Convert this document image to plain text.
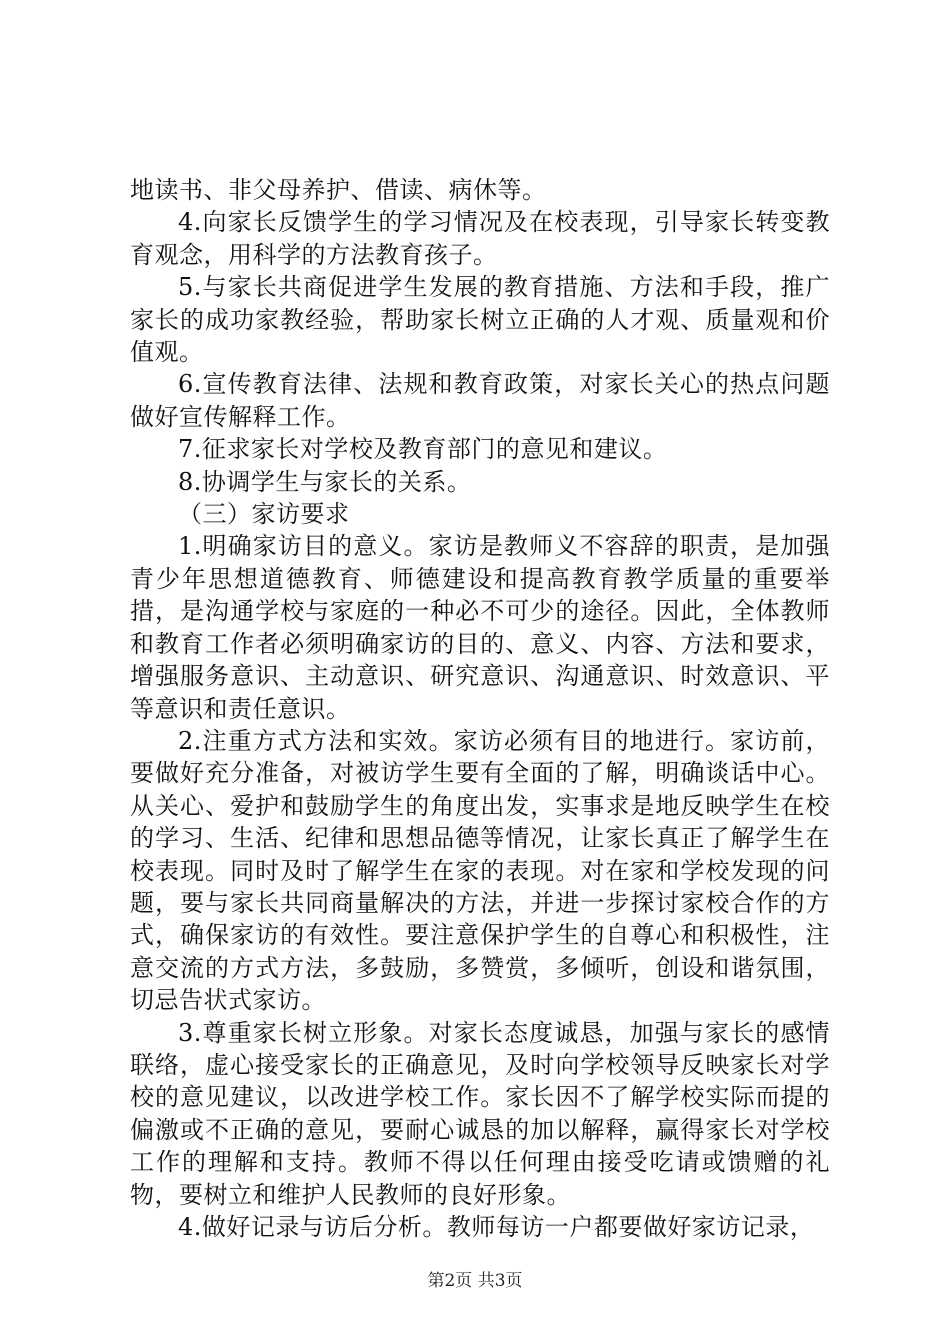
地读书、非父母养护、借读、病休等。

4.向家长反馈学生的学习情况及在校表现，引导家长转变教育观念，用科学的方法教育孩子。

5.与家长共商促进学生发展的教育措施、方法和手段，推广家长的成功家教经验，帮助家长树立正确的人才观、质量观和价值观。

6.宣传教育法律、法规和教育政策，对家长关心的热点问题做好宣传解释工作。

7.征求家长对学校及教育部门的意见和建议。

8.协调学生与家长的关系。

（三）家访要求

1.明确家访目的意义。家访是教师义不容辞的职责，是加强青少年思想道德教育、师德建设和提高教育教学质量的重要举措，是沟通学校与家庭的一种必不可少的途径。因此，全体教师和教育工作者必须明确家访的目的、意义、内容、方法和要求，增强服务意识、主动意识、研究意识、沟通意识、时效意识、平等意识和责任意识。

2.注重方式方法和实效。家访必须有目的地进行。家访前，要做好充分准备，对被访学生要有全面的了解，明确谈话中心。从关心、爱护和鼓励学生的角度出发，实事求是地反映学生在校的学习、生活、纪律和思想品德等情况，让家长真正了解学生在校表现。同时及时了解学生在家的表现。对在家和学校发现的问题，要与家长共同商量解决的方法，并进一步探讨家校合作的方式，确保家访的有效性。要注意保护学生的自尊心和积极性，注意交流的方式方法，多鼓励，多赞赏，多倾听，创设和谐氛围，切忌告状式家访。

3.尊重家长树立形象。对家长态度诚恳，加强与家长的感情联络，虚心接受家长的正确意见，及时向学校领导反映家长对学校的意见建议，以改进学校工作。家长因不了解学校实际而提的偏激或不正确的意见，要耐心诚恳的加以解释，赢得家长对学校工作的理解和支持。教师不得以任何理由接受吃请或馈赠的礼物，要树立和维护人民教师的良好形象。

4.做好记录与访后分析。教师每访一户都要做好家访记录，

第2页 共3页
